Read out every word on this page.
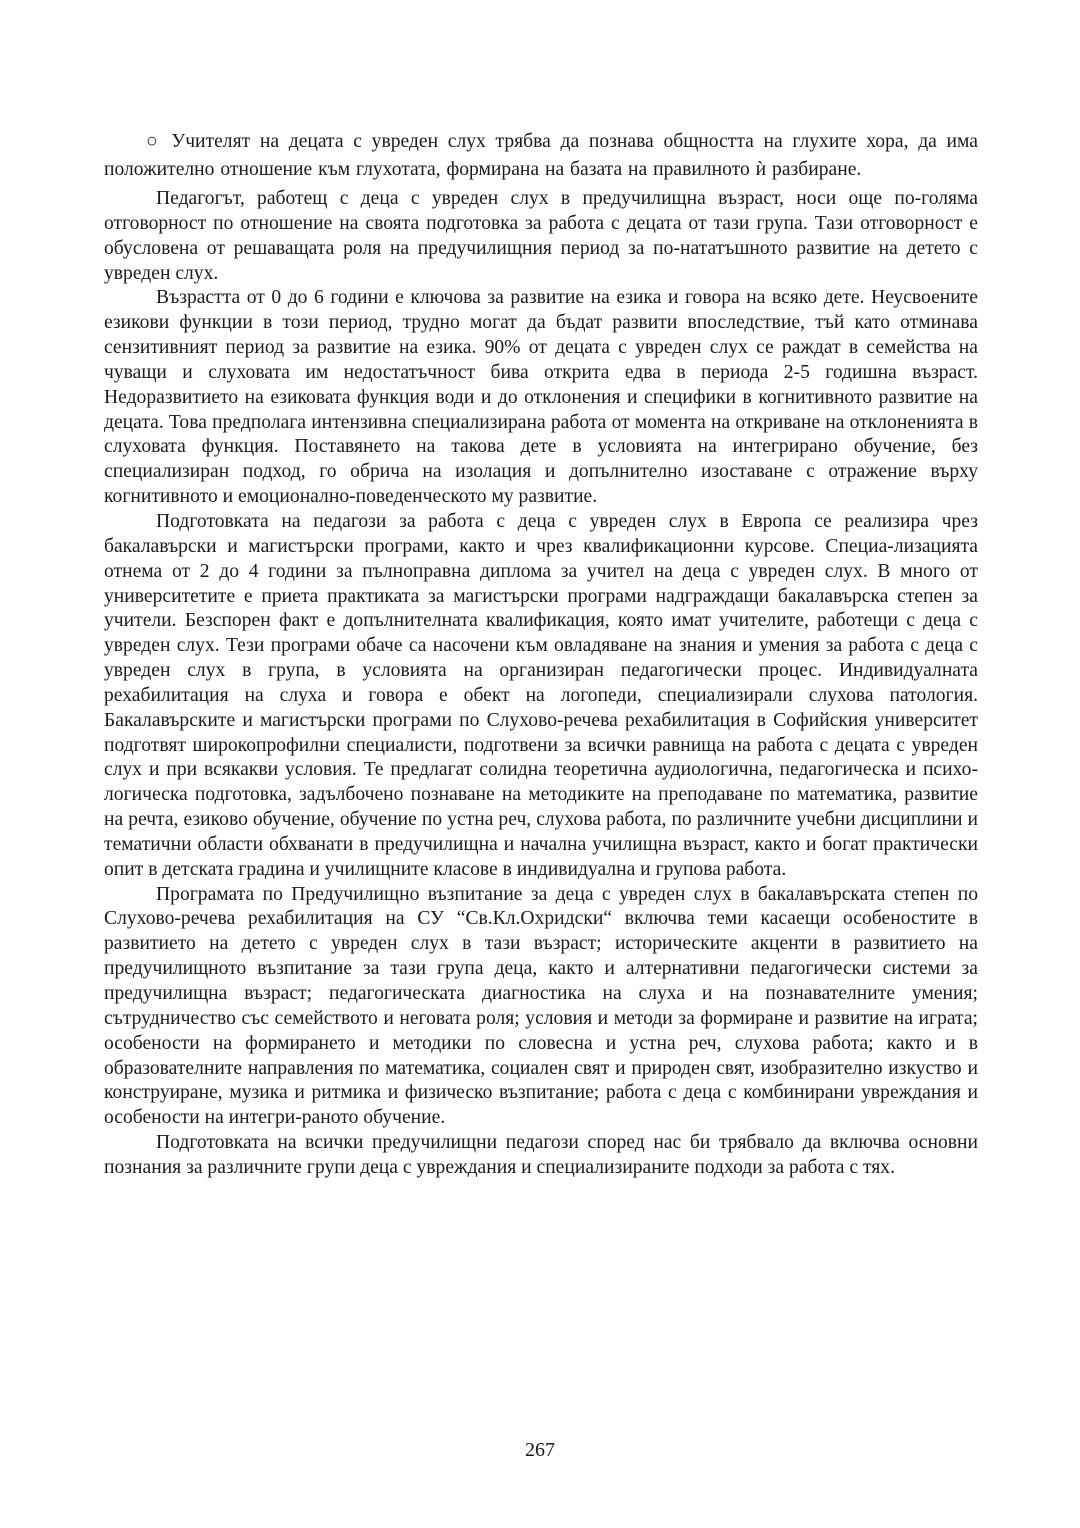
○ Учителят на децата с увреден слух трябва да познава общността на глухите хора, да има положително отношение към глухотата, формирана на базата на правилното ѝ разбиране.

Педагогът, работещ с деца с увреден слух в предучилищна възраст, носи още по-голяма отговорност по отношение на своята подготовка за работа с децата от тази група. Тази отговорност е обусловена от решаващата роля на предучилищния период за по-нататъшното развитие на детето с увреден слух.

Възрастта от 0 до 6 години е ключова за развитие на езика и говора на всяко дете. Неусвоените езикови функции в този период, трудно могат да бъдат развити впоследствие, тъй като отминава сензитивният период за развитие на езика. 90% от децата с увреден слух се раждат в семейства на чуващи и слуховата им недостатъчност бива открита едва в периода 2-5 годишна възраст. Недоразвитието на езиковата функция води и до отклонения и специфики в когнитивното развитие на децата. Това предполага интензивна специализирана работа от момента на откриване на отклоненията в слуховата функция. Поставянето на такова дете в условията на интегрирано обучение, без специализиран подход, го обрича на изолация и допълнително изоставане с отражение върху когнитивното и емоционално-поведенческото му развитие.

Подготовката на педагози за работа с деца с увреден слух в Европа се реализира чрез бакалавърски и магистърски програми, както и чрез квалификационни курсове. Специа-лизацията отнема от 2 до 4 години за пълноправна диплома за учител на деца с увреден слух. В много от университетите е приета практиката за магистърски програми надграждащи бакалавърска степен за учители. Безспорен факт е допълнителната квалификация, която имат учителите, работещи с деца с увреден слух. Тези програми обаче са насочени към овладяване на знания и умения за работа с деца с увреден слух в група, в условията на организиран педагогически процес. Индивидуалната рехабилитация на слуха и говора е обект на логопеди, специализирали слухова патология. Бакалавърските и магистърски програми по Слухово-речева рехабилитация в Софийския университет подготвят широкопрофилни специалисти, подготвени за всички равнища на работа с децата с увреден слух и при всякакви условия. Те предлагат солидна теоретична аудиологична, педагогическа и психо-логическа подготовка, задълбочено познаване на методиките на преподаване по математика, развитие на речта, езиково обучение, обучение по устна реч, слухова работа, по различните учебни дисциплини и тематични области обхванати в предучилищна и начална училищна възраст, както и богат практически опит в детската градина и училищните класове в индивидуална и групова работа.

Програмата по Предучилищно възпитание за деца с увреден слух в бакалавърската степен по Слухово-речева рехабилитация на СУ “Св.Кл.Охридски“ включва теми касаещи особеностите в развитието на детето с увреден слух в тази възраст; историческите акценти в развитието на предучилищното възпитание за тази група деца, както и алтернативни педагогически системи за предучилищна възраст; педагогическата диагностика на слуха и на познавателните умения; сътрудничество със семейството и неговата роля; условия и методи за формиране и развитие на играта; особености на формирането и методики по словесна и устна реч, слухова работа; както и в образователните направления по математика, социален свят и природен свят, изобразително изкуство и конструиране, музика и ритмика и физическо възпитание; работа с деца с комбинирани увреждания и особености на интегри-раното обучение.

Подготовката на всички предучилищни педагози според нас би трябвало да включва основни познания за различните групи деца с увреждания и специализираните подходи за работа с тях.

267
